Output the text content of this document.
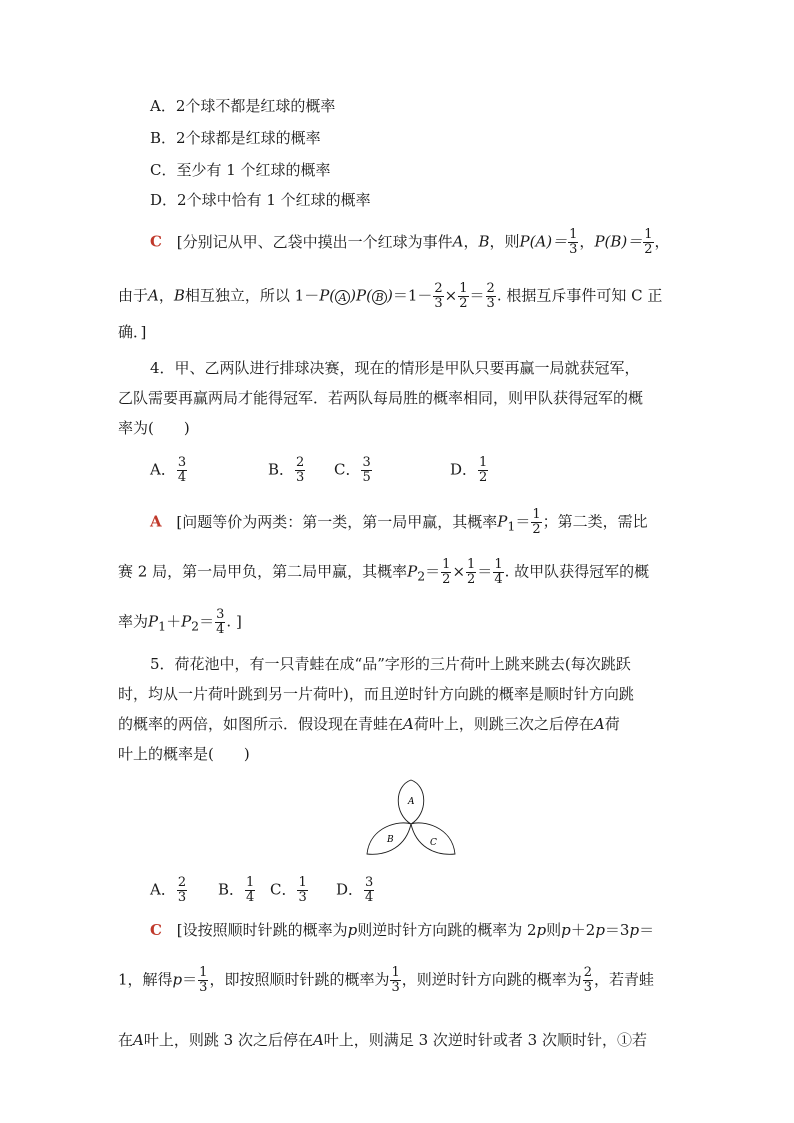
A．2个球不都是红球的概率
B．2个球都是红球的概率
C．至少有 1 个红球的概率
D．2个球中恰有 1 个红球的概率
C [分别记从甲、乙袋中摸出一个红球为事件A，B，则$P(A)= \frac{1}{3}$ ，$P(B)= \frac{1}{2}$ ，
由于A，B相互独立，所以 1－P( A )P( B )$=1- \frac{2}{3} \times \frac{1}{2} = \frac{2}{3}$ . 根据互斥事件可知 C 正
确．]
4．甲、乙两队进行排球决赛，现在的情形是甲队只要再赢一局就获冠军，
乙队需要再赢两局才能得冠军．若两队每局胜的概率相同，则甲队获得冠军的概
率为(　　)
A． $\frac{3}{4}$	B． $\frac{2}{3}$ C． $\frac{3}{5}$	D． $\frac{1}{2}$
A [问题等价为两类：第一类，第一局甲赢，其概率$P_1= \frac{1}{2}$ ；第二类，需比
赛 2 局，第一局甲负，第二局甲赢，其概率$P_2= \frac{1}{2} \times \frac{1}{2} = \frac{1}{4}$ . 故甲队获得冠军的概
率为$P_1+P_2= \frac{3}{4}$ . ]
5．荷花池中，有一只青蛙在成“品”字形的三片荷叶上跳来跳去(每次跳跃
时，均从一片荷叶跳到另一片荷叶)，而且逆时针方向跳的概率是顺时针方向跳
的概率的两倍，如图所示．假设现在青蛙在A荷叶上，则跳三次之后停在A荷
叶上的概率是(　　)
A
B	C
A． $\frac{2}{3}$ B． $\frac{1}{4}$ C． $\frac{1}{3}$ D． $\frac{3}{4}$
C [设按照顺时针跳的概率为p则逆时针方向跳的概率为 2p则p＋2p＝3p＝
1，解得$p= \frac{1}{3}$ ，即按照顺时针跳的概率为 $\frac{1}{3}$ ，则逆时针方向跳的概率为 $\frac{2}{3}$ ，若青蛙
在A叶上，则跳 3 次之后停在A叶上，则满足 3 次逆时针或者 3 次顺时针，①若
